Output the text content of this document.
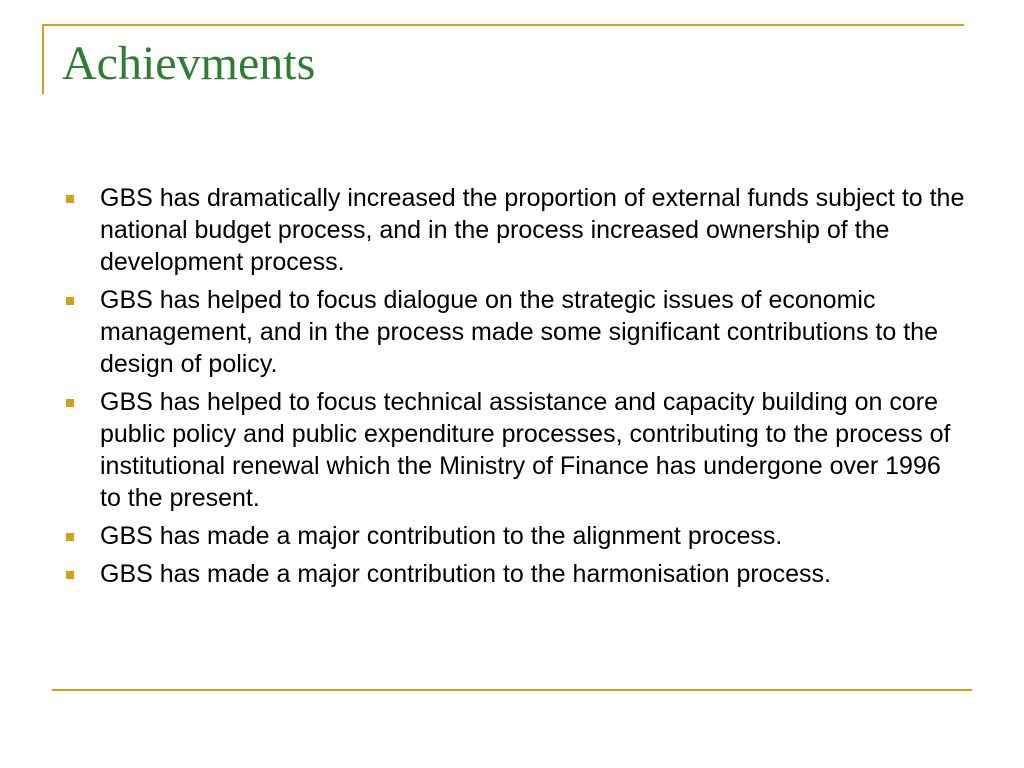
Achievments
GBS has dramatically increased the proportion of external funds subject to the national budget process, and in the process increased ownership of the development process.
GBS has helped to focus dialogue on the strategic issues of economic management, and in the process made some significant contributions to the design of policy.
GBS has helped to focus technical assistance and capacity building on core public policy and public expenditure processes, contributing to the process of institutional renewal which the Ministry of Finance has undergone over 1996 to the present.
GBS has made a major contribution to the alignment process.
GBS has made a major contribution to the harmonisation process.
